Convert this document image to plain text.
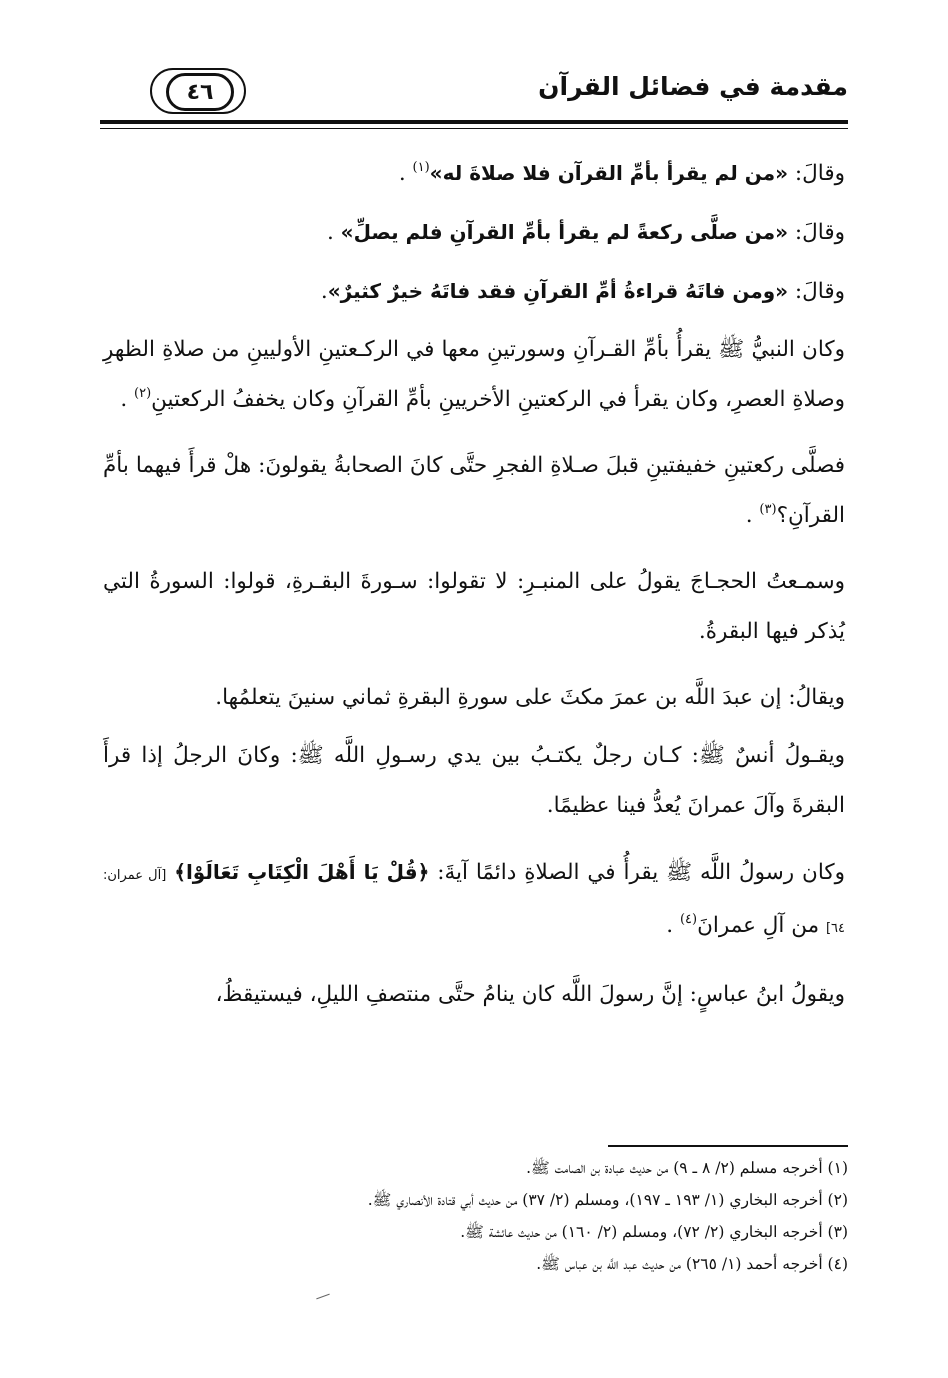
مقدمة في فضائل القرآن
٤٦

وقالَ: «من لم يقرأ بأمِّ القرآن فلا صلاةَ له»$^{(١)}$ .

وقالَ: «من صلَّى ركعةً لم يقرأ بأمِّ القرآنِ فلم يصلِّ» .

وقالَ: «ومن فاتَهُ قراءةُ أمِّ القرآنِ فقد فاتَهُ خيرٌ كثيرٌ».

وكان النبيُّ ﷺ يقرأُ بأمِّ القـرآنِ وسورتينِ معها في الركـعتينِ الأوليينِ من صلاةِ الظهرِ وصلاةِ العصرِ، وكان يقرأ في الركعتينِ الأخريينِ بأمِّ القرآنِ وكان يخففُ الركعتينِ$^{(٢)}$ .

فصلَّى ركعتينِ خفيفتينِ قبلَ صـلاةِ الفجرِ حتَّى كانَ الصحابةُ يقولونَ: هلْ قرأَ فيهما بأمِّ القرآنِ؟$^{(٣)}$ .

وسمـعتُ الحجـاجَ يقولُ على المنبـرِ: لا تقولوا: سـورةَ البقـرةِ، قولوا: السورةُ التي يُذكر فيها البقرةُ.

ويقالُ: إن عبدَ اللَّه بن عمرَ مكثَ على سورةِ البقرةِ ثماني سنينَ يتعلمُها.

ويقـولُ أنسٌ ﷺ: كـان رجلٌ يكتـبُ بين يدي رسـولِ اللَّه ﷺ: وكانَ الرجلُ إذا قرأَ البقرةَ وآلَ عمرانَ يُعدُّ فينا عظيمًا.

وكان رسولُ اللَّه ﷺ يقرأُ في الصلاةِ دائمًا آيةَ: ﴿قُلْ يَا أَهْلَ الْكِتَابِ تَعَالَوْا﴾ [آل عمران: ٦٤] من آلِ عمرانَ$^{(٤)}$ .

ويقولُ ابنُ عباسٍ: إنَّ رسولَ اللَّه كان ينامُ حتَّى منتصفِ الليلِ، فيستيقظُ،

(١) أخرجه مسلم (٢/ ٨ ـ ٩) من حديث عبادة بن الصامت ﷺ.
(٢) أخرجه البخاري (١/ ١٩٣ ـ ١٩٧)، ومسلم (٢/ ٣٧) من حديث أبي قتادة الأنصاري ﷺ.
(٣) أخرجه البخاري (٢/ ٧٢)، ومسلم (٢/ ١٦٠) من حديث عائشة ﷺ.
(٤) أخرجه أحمد (١/ ٢٦٥) من حديث عبد اللَّه بن عباس ﷺ.
